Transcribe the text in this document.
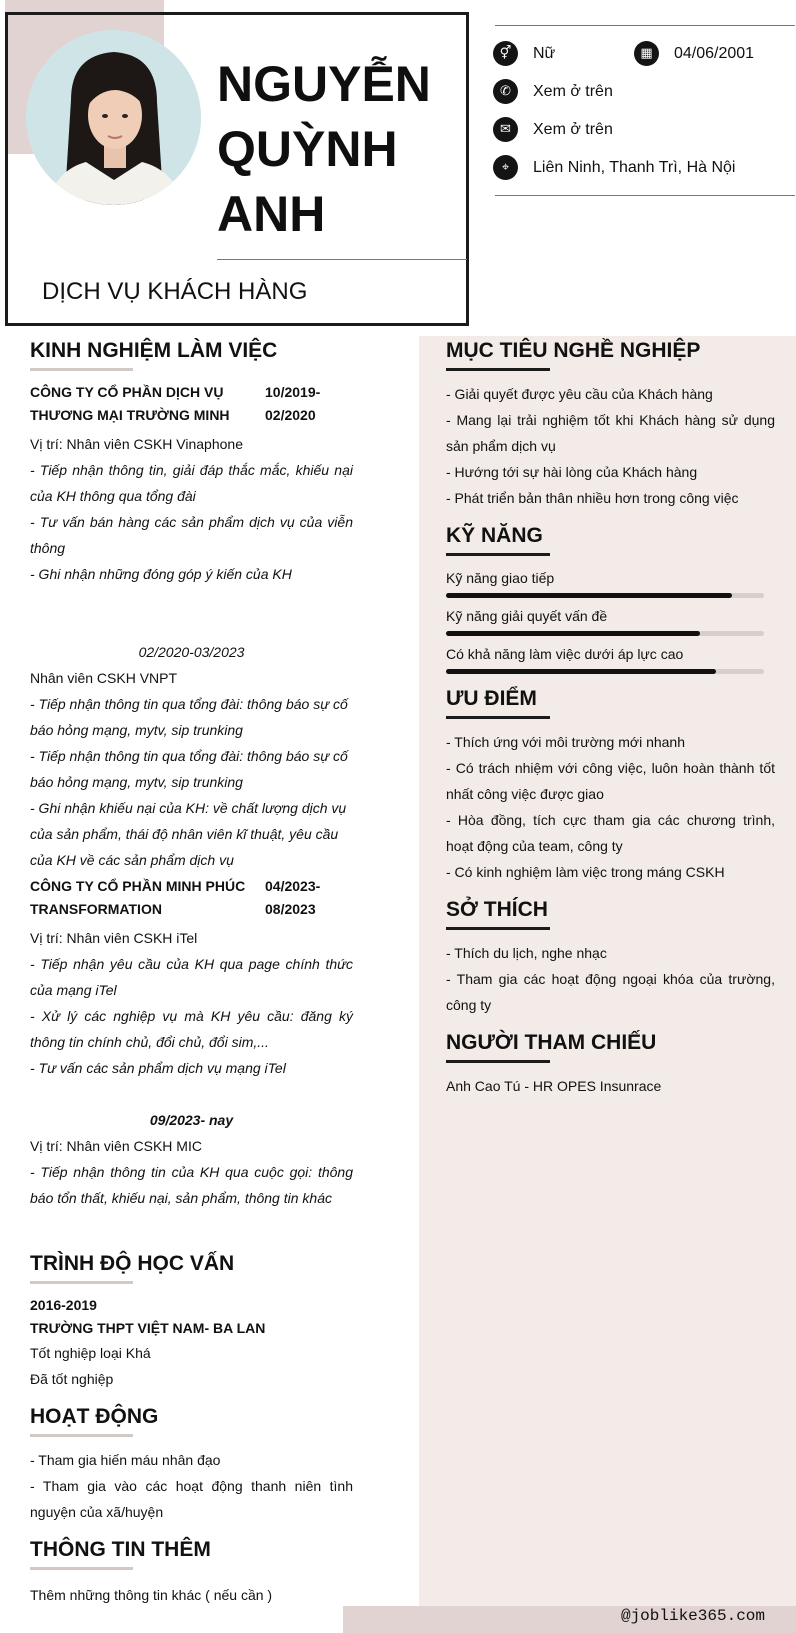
NGUYỄN
QUỲNH
ANH
DỊCH VỤ KHÁCH HÀNG
⚥	Nữ	▦	04/06/2001
✆	Xem ở trên
✉	Xem ở trên
⌖	Liên Ninh, Thanh Trì, Hà Nội
@joblike365.com
KINH NGHIỆM LÀM VIỆC
CÔNG TY CỔ PHẦN DỊCH VỤ THƯƠNG MẠI TRƯỜNG MINH
10/2019-02/2020
Vị trí: Nhân viên CSKH Vinaphone
- Tiếp nhận thông tin, giải đáp thắc mắc, khiếu nại của KH thông qua tổng đài
- Tư vấn bán hàng các sản phẩm dịch vụ của viễn thông
- Ghi nhận những đóng góp ý kiến của KH
02/2020-03/2023
Nhân viên CSKH VNPT
- Tiếp nhận thông tin qua tổng đài: thông báo sự cố báo hỏng mạng, mytv, sip trunking
- Tiếp nhận thông tin qua tổng đài: thông báo sự cố báo hỏng mạng, mytv, sip trunking
- Ghi nhận khiếu nại của KH: về chất lượng dịch vụ của sản phẩm, thái độ nhân viên kĩ thuật, yêu cầu của KH về các sản phẩm dịch vụ
CÔNG TY CỔ PHẦN MINH PHÚC TRANSFORMATION
04/2023-08/2023
Vị trí: Nhân viên CSKH iTel
- Tiếp nhận yêu cầu của KH qua page chính thức của mạng iTel
- Xử lý các nghiệp vụ mà KH yêu cầu: đăng ký thông tin chính chủ, đổi chủ, đổi sim,...
- Tư vấn các sản phẩm dịch vụ mạng iTel
09/2023- nay
Vị trí: Nhân viên CSKH MIC
- Tiếp nhận thông tin của KH qua cuộc gọi: thông báo tổn thất, khiếu nại, sản phẩm, thông tin khác
TRÌNH ĐỘ HỌC VẤN
2016-2019
TRƯỜNG THPT VIỆT NAM- BA LAN
Tốt nghiệp loại Khá
Đã tốt nghiệp
HOẠT ĐỘNG
- Tham gia hiến máu nhân đạo
- Tham gia vào các hoạt động thanh niên tình nguyện của xã/huyện
THÔNG TIN THÊM
Thêm những thông tin khác ( nếu cần )
MỤC TIÊU NGHỀ NGHIỆP
- Giải quyết được yêu cầu của Khách hàng
- Mang lại trải nghiệm tốt khi Khách hàng sử dụng sản phẩm dịch vụ
- Hướng tới sự hài lòng của Khách hàng
- Phát triển bản thân nhiều hơn trong công việc
KỸ NĂNG
Kỹ năng giao tiếp
Kỹ năng giải quyết vấn đề
Có khả năng làm việc dưới áp lực cao
ƯU ĐIỂM
- Thích ứng với môi trường mới nhanh
- Có trách nhiệm với công việc, luôn hoàn thành tốt nhất công việc được giao
- Hòa đồng, tích cực tham gia các chương trình, hoạt động của team, công ty
- Có kinh nghiệm làm việc trong máng CSKH
SỞ THÍCH
- Thích du lịch, nghe nhạc
- Tham gia các hoạt động ngoại khóa của trường, công ty
NGƯỜI THAM CHIẾU
Anh Cao Tú - HR OPES Insunrace
